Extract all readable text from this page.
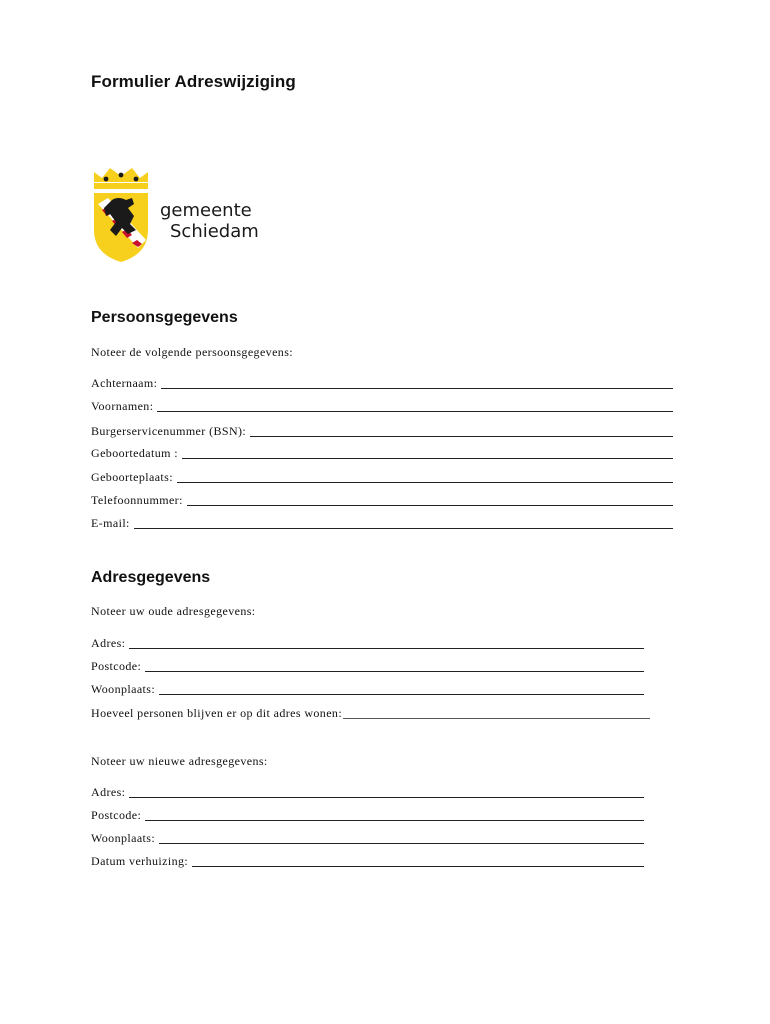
Formulier Adreswijziging
gemeente
Schiedam
Persoonsgegevens
Noteer de volgende persoonsgegevens:
Achternaam:
Voornamen:
Burgerservicenummer (BSN):
Geboortedatum :
Geboorteplaats:
Telefoonnummer:
E-mail:
Adresgegevens
Noteer uw oude adresgegevens:
Adres:
Postcode:
Woonplaats:
Hoeveel personen blijven er op dit adres wonen:
Noteer uw nieuwe adresgegevens:
Adres:
Postcode:
Woonplaats:
Datum verhuizing:
